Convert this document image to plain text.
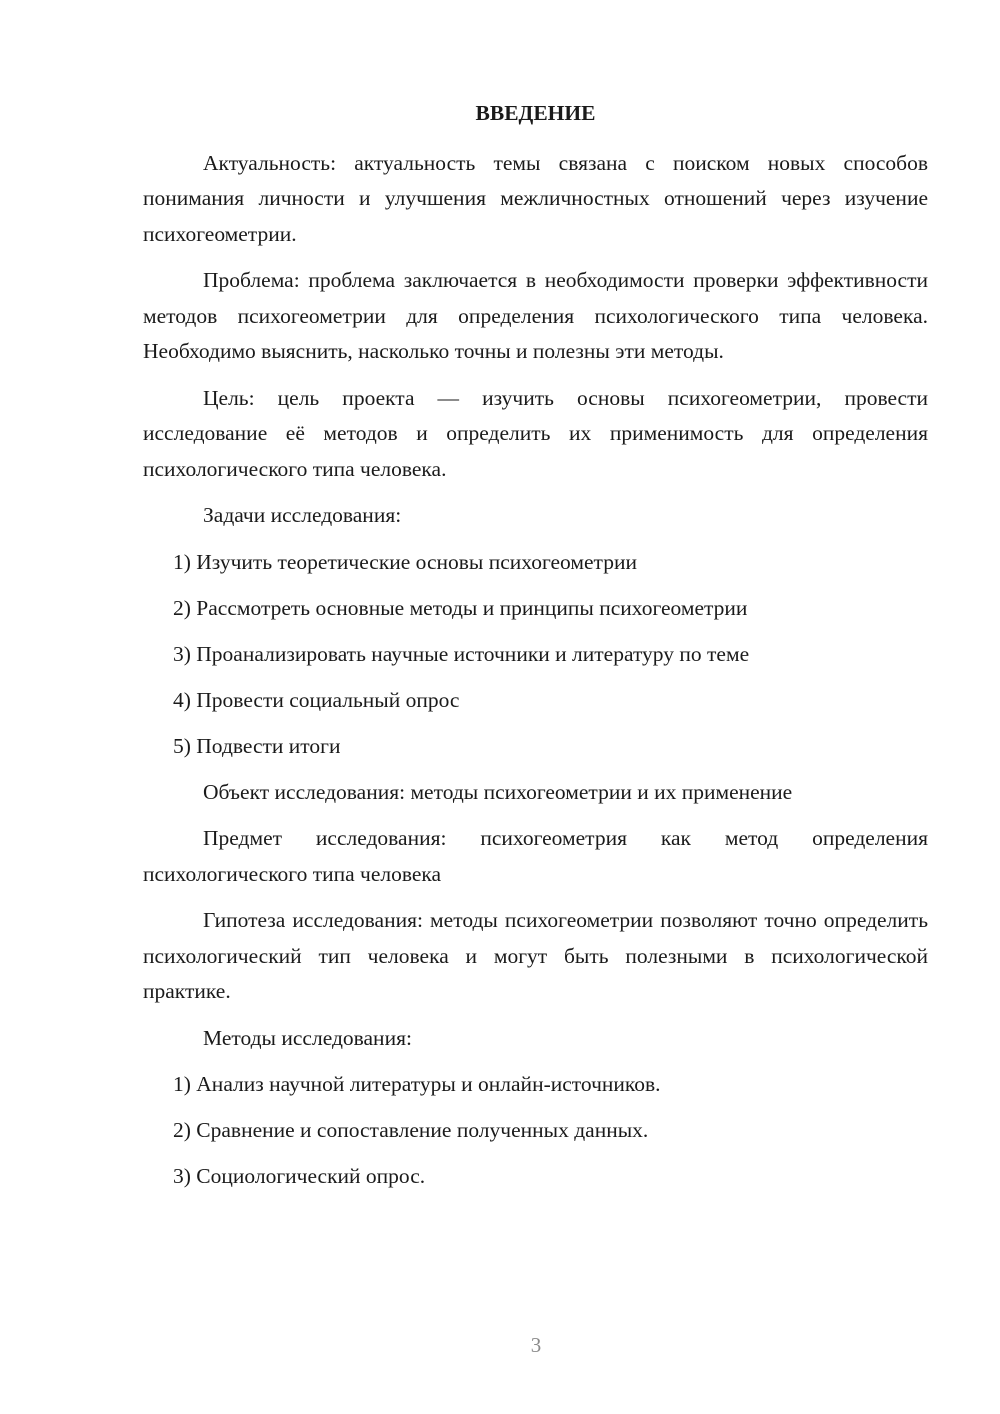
ВВЕДЕНИЕ

Актуальность: актуальность темы связана с поиском новых способов понимания личности и улучшения межличностных отношений через изучение психогеометрии.

Проблема: проблема заключается в необходимости проверки эффективности методов психогеометрии для определения психологического типа человека. Необходимо выяснить, насколько точны и полезны эти методы.

Цель: цель проекта — изучить основы психогеометрии, провести исследование её методов и определить их применимость для определения психологического типа человека.

Задачи исследования:

1) Изучить теоретические основы психогеометрии

2) Рассмотреть основные методы и принципы психогеометрии

3) Проанализировать научные источники и литературу по теме

4) Провести социальный опрос

5) Подвести итоги

Объект исследования: методы психогеометрии и их применение

Предмет исследования: психогеометрия как метод определения психологического типа человека

Гипотеза исследования: методы психогеометрии позволяют точно определить психологический тип человека и могут быть полезными в психологической практике.

Методы исследования:

1) Анализ научной литературы и онлайн-источников.

2) Сравнение и сопоставление полученных данных.

3) Социологический опрос.

3
